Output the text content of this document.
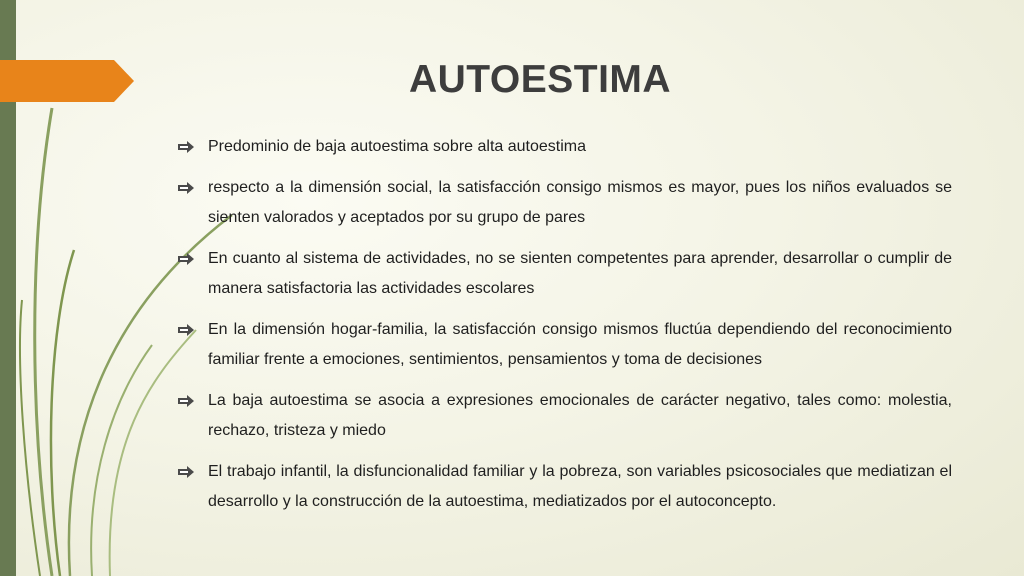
AUTOESTIMA
Predominio de baja autoestima sobre alta autoestima
respecto a la dimensión social, la satisfacción consigo mismos es mayor, pues los niños evaluados se sienten valorados y aceptados por su grupo de pares
En cuanto al sistema de actividades, no se sienten competentes para aprender, desarrollar o cumplir de manera satisfactoria las actividades escolares
En la dimensión hogar-familia, la satisfacción consigo mismos fluctúa dependiendo del reconocimiento familiar frente a emociones, sentimientos, pensamientos y toma de decisiones
La baja autoestima se asocia a expresiones emocionales de carácter negativo, tales como: molestia, rechazo, tristeza y miedo
El trabajo infantil, la disfuncionalidad familiar y la pobreza, son variables psicosociales que mediatizan el desarrollo y la construcción de la autoestima, mediatizados por el autoconcepto.
